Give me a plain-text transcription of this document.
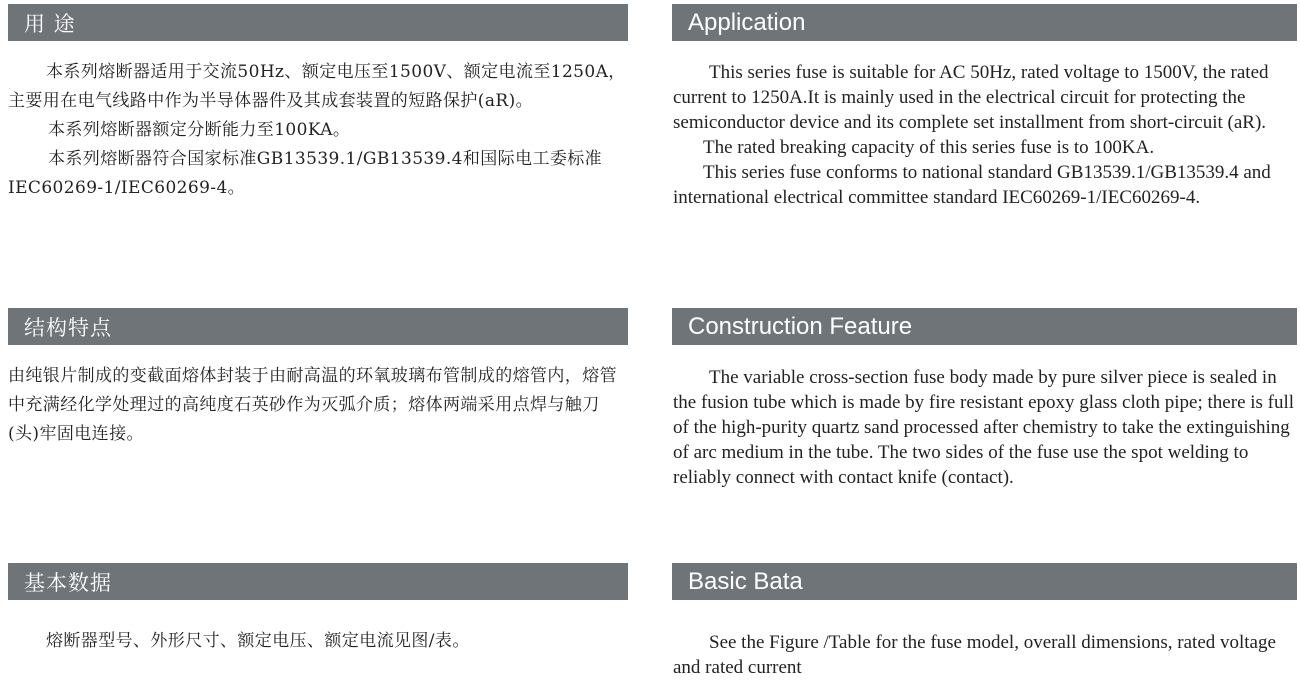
用 途	Application

本系列熔断器适用于交流50Hz、额定电压至1500V、额定电流至1250A，主要用在电气线路中作为半导体器件及其成套装置的短路保护(aR)。

本系列熔断器额定分断能力至100KA。

本系列熔断器符合国家标准GB13539.1/GB13539.4和国际电工委标准IEC60269-1/IEC60269-4。

This series fuse is suitable for AC 50Hz, rated voltage to 1500V, the rated current to 1250A.It is mainly used in the electrical circuit for protecting the semiconductor device and its complete set installment from short-circuit (aR).

The rated breaking capacity of this series fuse is to 100KA.

This series fuse conforms to national standard GB13539.1/GB13539.4 and international electrical committee standard IEC60269-1/IEC60269-4.

结构特点	Construction Feature

由纯银片制成的变截面熔体封装于由耐高温的环氧玻璃布管制成的熔管内，熔管中充满经化学处理过的高纯度石英砂作为灭弧介质；熔体两端采用点焊与触刀(头)牢固电连接。

The variable cross-section fuse body made by pure silver piece is sealed in the fusion tube which is made by fire resistant epoxy glass cloth pipe; there is full of the high-purity quartz sand processed after chemistry to take the extinguishing of arc medium in the tube. The two sides of the fuse use the spot welding to reliably connect with contact knife (contact).

基本数据	Basic Bata

熔断器型号、外形尺寸、额定电压、额定电流见图/表。	See the Figure /Table for the fuse model, overall dimensions, rated voltage and rated current
